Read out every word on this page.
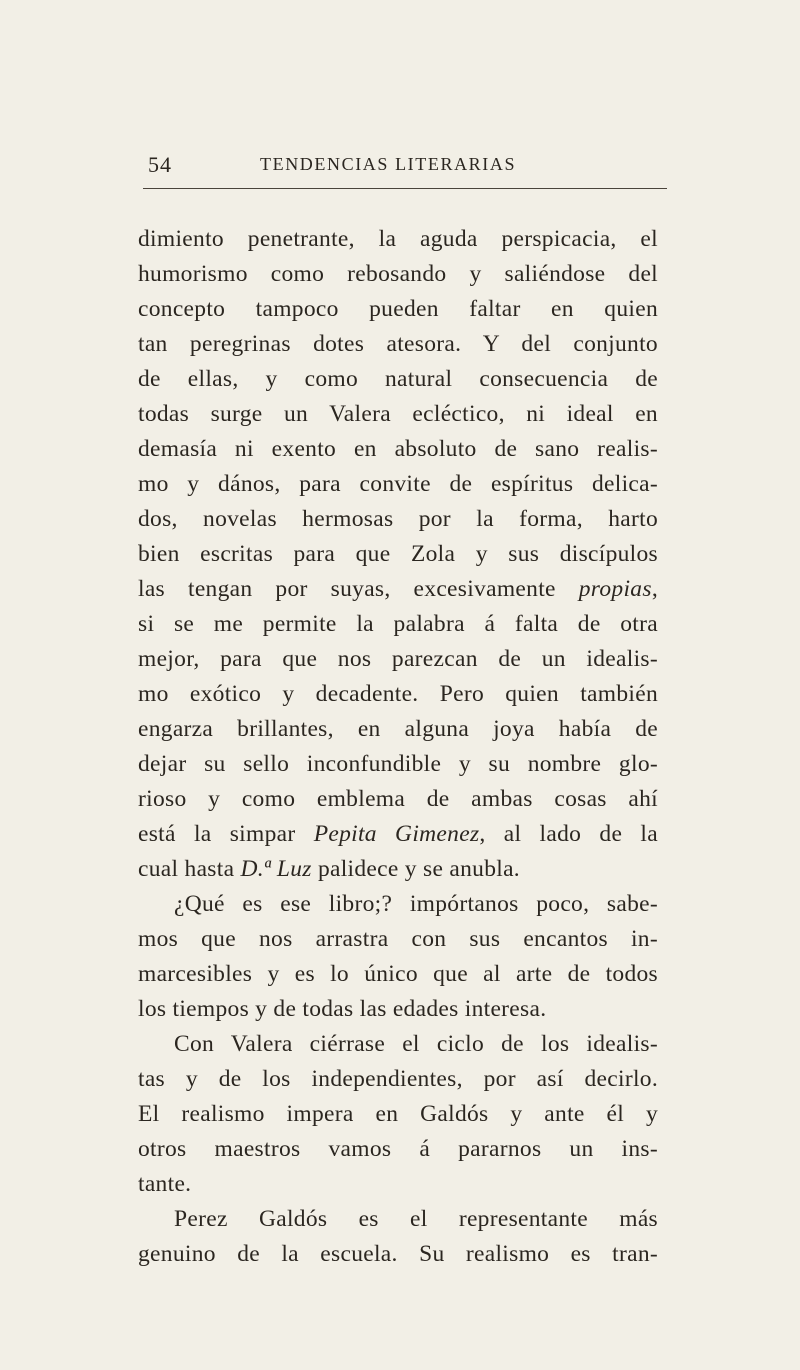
54	TENDENCIAS LITERARIAS
dimiento penetrante, la aguda perspicacia, el
humorismo como rebosando y saliéndose del
concepto tampoco pueden faltar en quien
tan peregrinas dotes atesora. Y del conjunto
de ellas, y como natural consecuencia de
todas surge un Valera ecléctico, ni ideal en
demasía ni exento en absoluto de sano realis-
mo y dános, para convite de espíritus delica-
dos, novelas hermosas por la forma, harto
bien escritas para que Zola y sus discípulos
las tengan por suyas, excesivamente propias,
si se me permite la palabra á falta de otra
mejor, para que nos parezcan de un idealis-
mo exótico y decadente. Pero quien también
engarza brillantes, en alguna joya había de
dejar su sello inconfundible y su nombre glo-
rioso y como emblema de ambas cosas ahí
está la simpar Pepita Gimenez, al lado de la
cual hasta D.ª Luz palidece y se anubla.
¿Qué es ese libro;? impórtanos poco, sabe-
mos que nos arrastra con sus encantos in-
marcesibles y es lo único que al arte de todos
los tiempos y de todas las edades interesa.
Con Valera ciérrase el ciclo de los idealis-
tas y de los independientes, por así decirlo.
El realismo impera en Galdós y ante él y
otros maestros vamos á pararnos un ins-
tante.
Perez Galdós es el representante más
genuino de la escuela. Su realismo es tran-
